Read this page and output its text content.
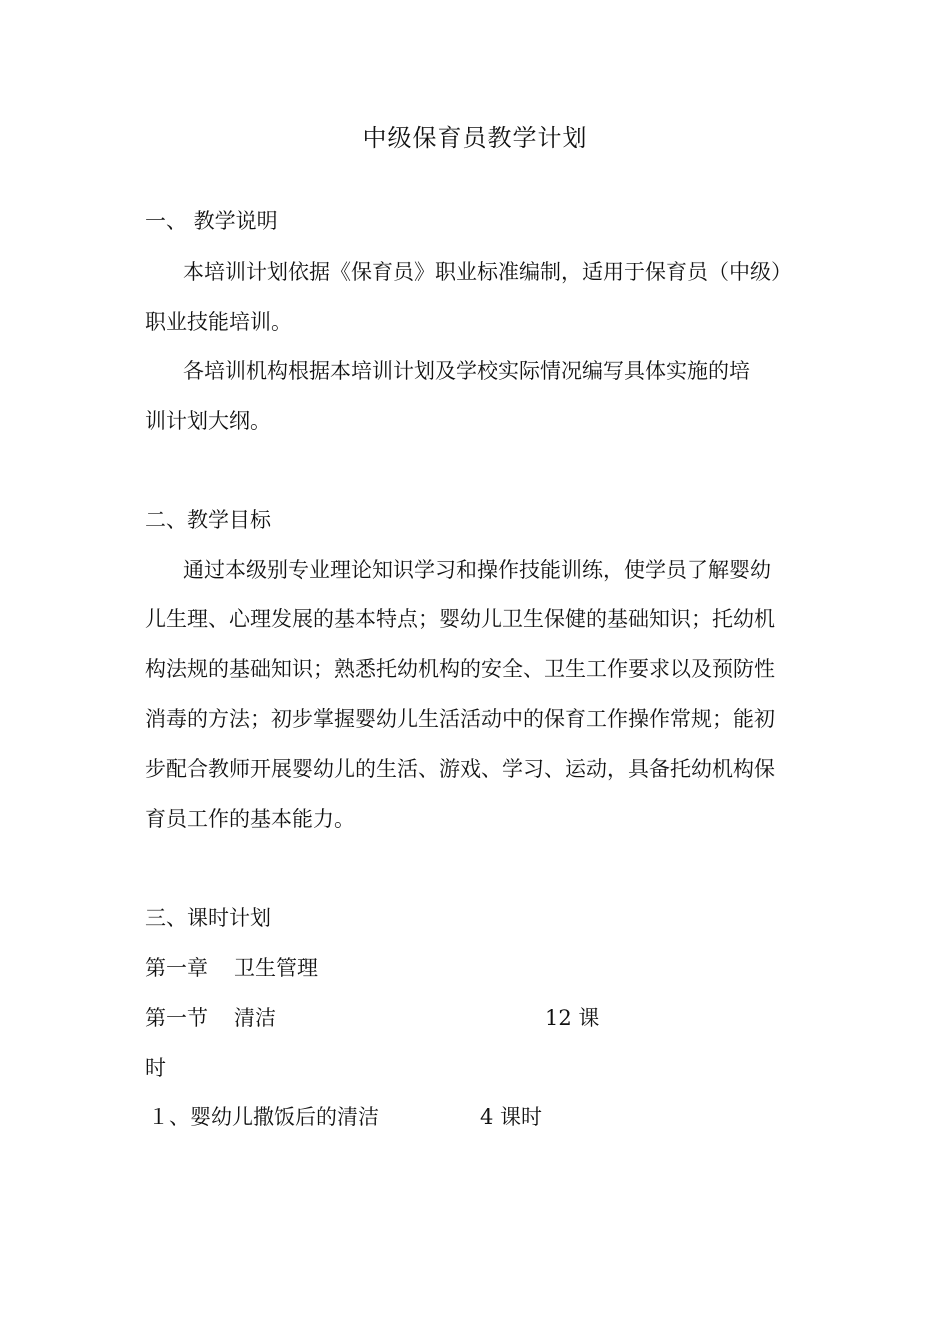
中级保育员教学计划
一、 教学说明
本培训计划依据《保育员》职业标准编制，适用于保育员（中级）
职业技能培训。
各培训机构根据本培训计划及学校实际情况编写具体实施的培
训计划大纲。
二、教学目标
通过本级别专业理论知识学习和操作技能训练，使学员了解婴幼
儿生理、心理发展的基本特点；婴幼儿卫生保健的基础知识；托幼机
构法规的基础知识；熟悉托幼机构的安全、卫生工作要求以及预防性
消毒的方法；初步掌握婴幼儿生活活动中的保育工作操作常规；能初
步配合教师开展婴幼儿的生活、游戏、学习、运动，具备托幼机构保
育员工作的基本能力。
三、课时计划
第一章 卫生管理
第一节 清洁	12 课
时
１、婴幼儿撒饭后的清洁	4 课时
